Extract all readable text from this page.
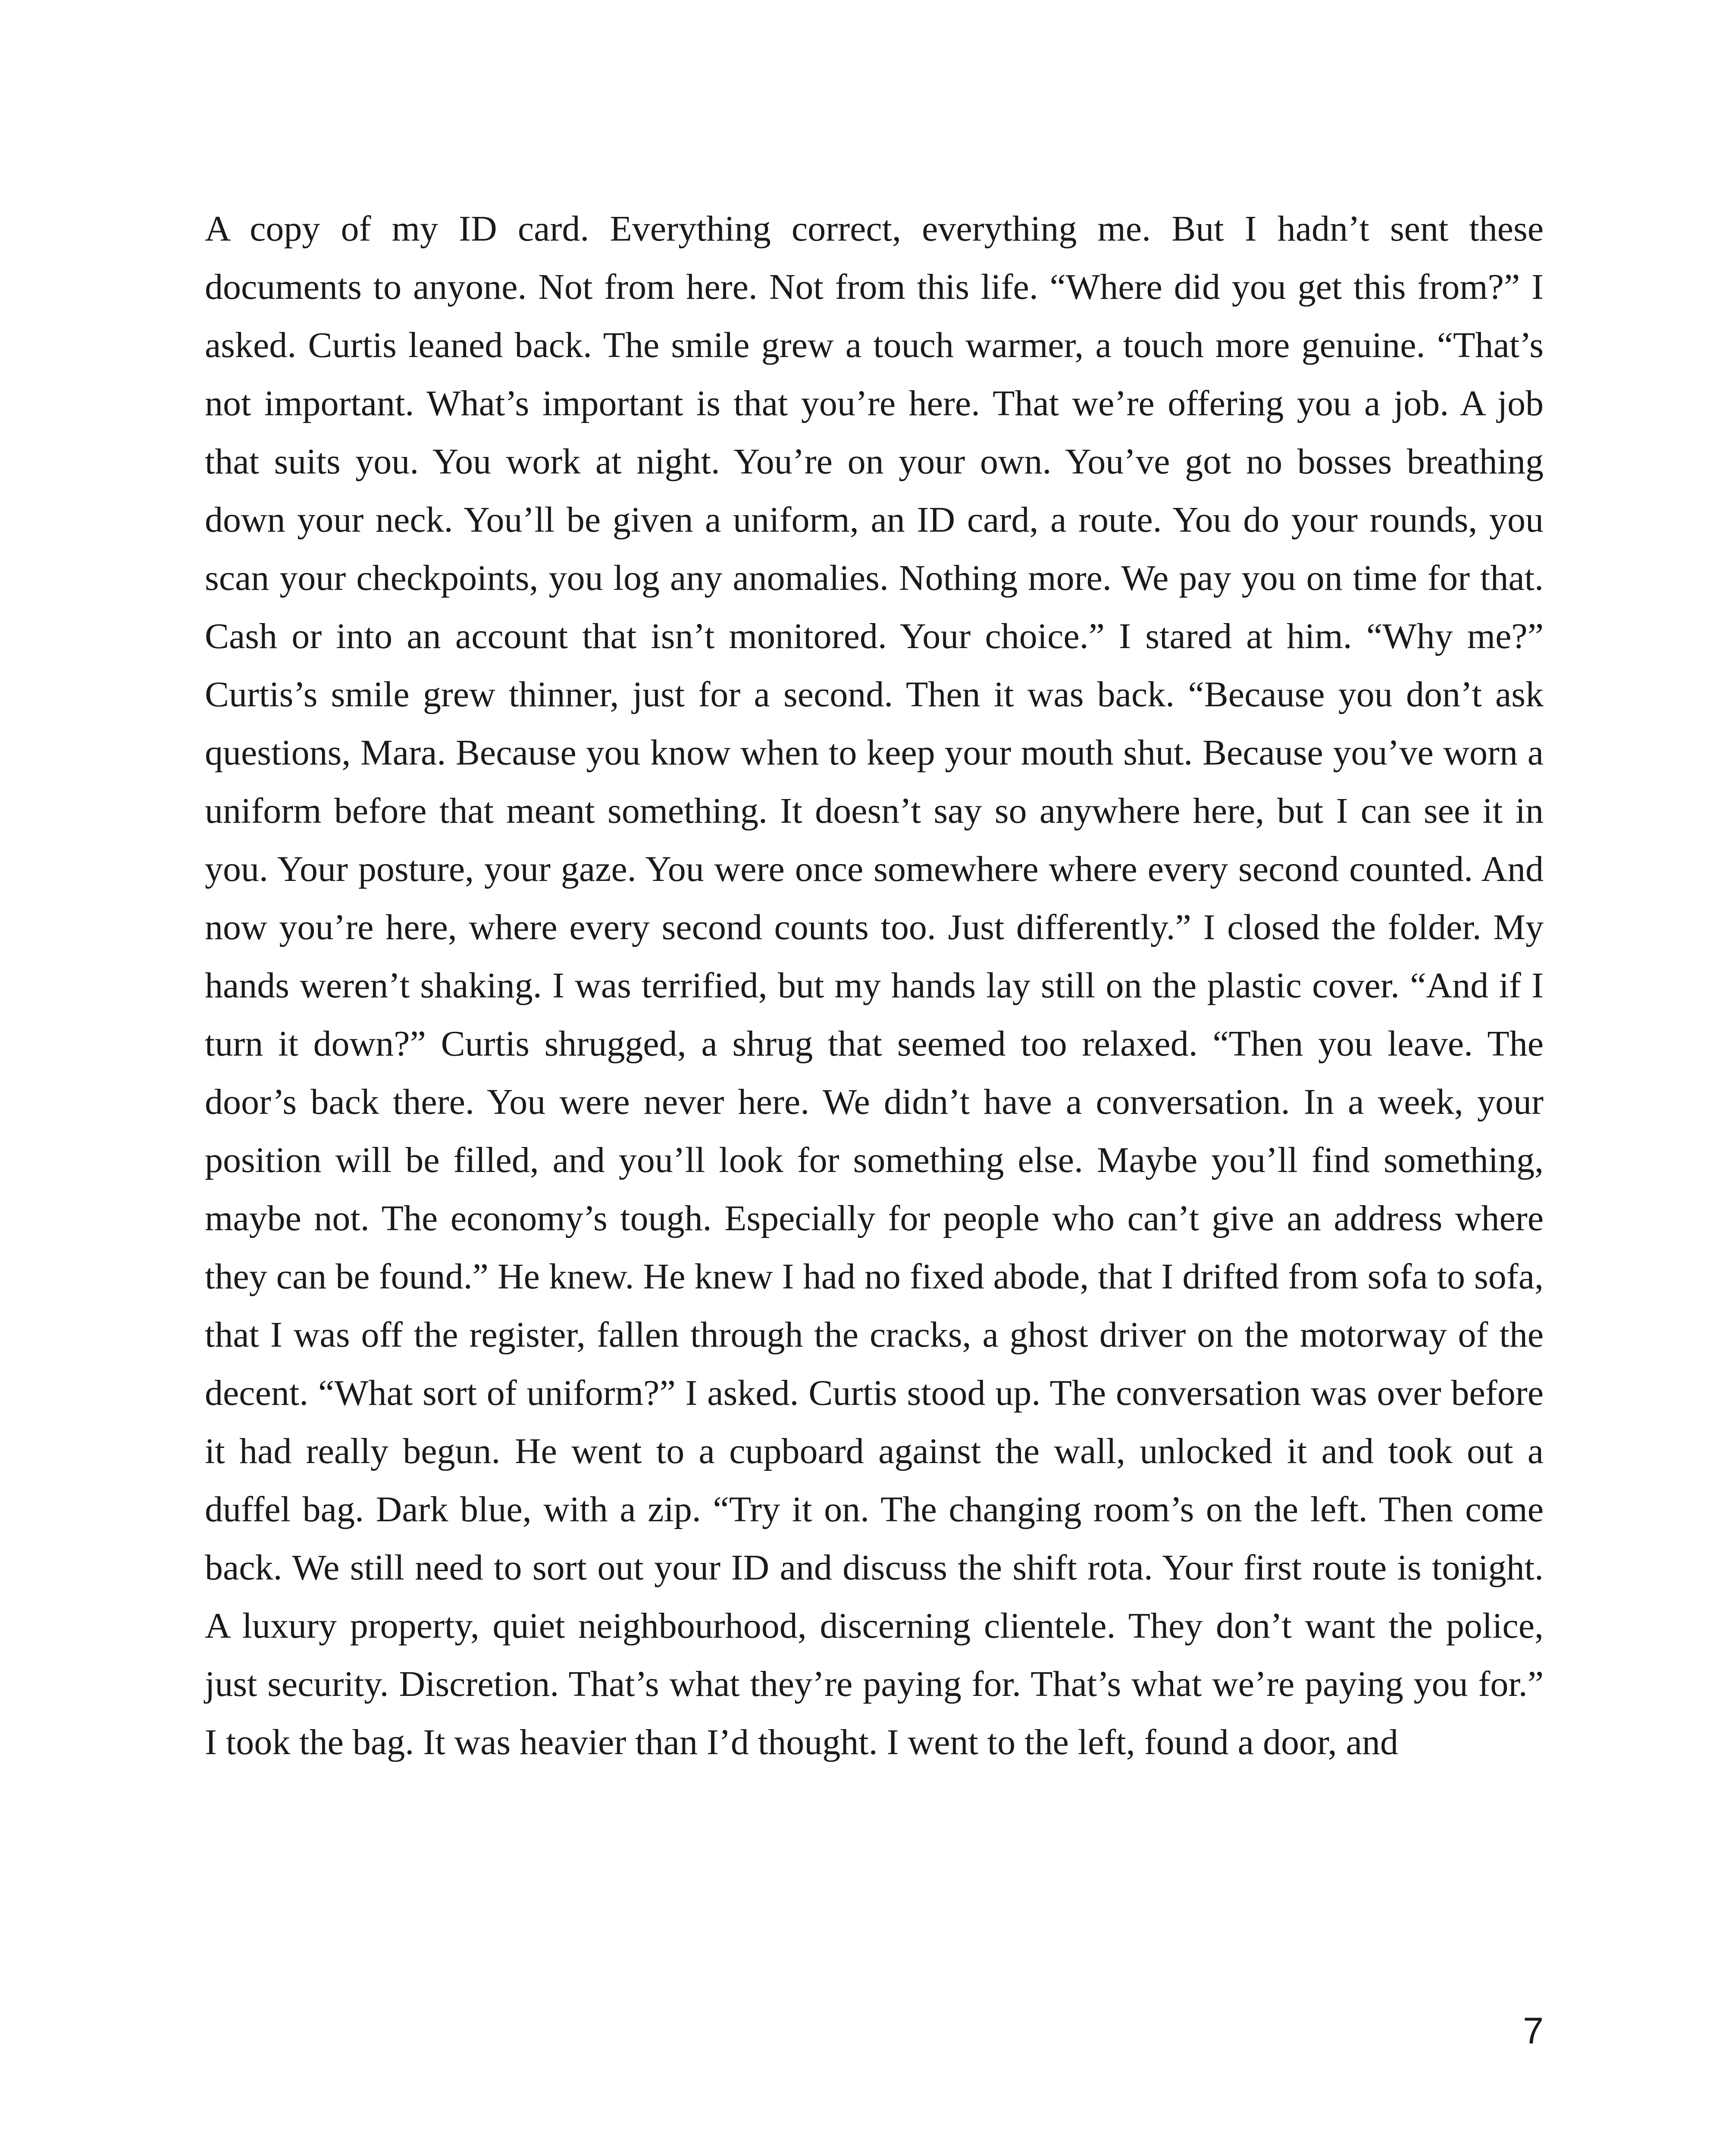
A copy of my ID card. Everything correct, everything me. But I hadn’t sent these documents to anyone. Not from here. Not from this life. “Where did you get this from?” I asked. Curtis leaned back. The smile grew a touch warmer, a touch more genuine. “That’s not important. What’s important is that you’re here. That we’re offering you a job. A job that suits you. You work at night. You’re on your own. You’ve got no bosses breathing down your neck. You’ll be given a uniform, an ID card, a route. You do your rounds, you scan your checkpoints, you log any anomalies. Nothing more. We pay you on time for that. Cash or into an account that isn’t monitored. Your choice.” I stared at him. “Why me?” Curtis’s smile grew thinner, just for a second. Then it was back. “Because you don’t ask questions, Mara. Because you know when to keep your mouth shut. Because you’ve worn a uniform before that meant something. It doesn’t say so anywhere here, but I can see it in you. Your posture, your gaze. You were once somewhere where every second counted. And now you’re here, where every second counts too. Just differently.” I closed the folder. My hands weren’t shaking. I was terrified, but my hands lay still on the plastic cover. “And if I turn it down?” Curtis shrugged, a shrug that seemed too relaxed. “Then you leave. The door’s back there. You were never here. We didn’t have a conversation. In a week, your position will be filled, and you’ll look for something else. Maybe you’ll find something, maybe not. The economy’s tough. Especially for people who can’t give an address where they can be found.” He knew. He knew I had no fixed abode, that I drifted from sofa to sofa, that I was off the register, fallen through the cracks, a ghost driver on the motorway of the decent. “What sort of uniform?” I asked. Curtis stood up. The conversation was over before it had really begun. He went to a cupboard against the wall, unlocked it and took out a duffel bag. Dark blue, with a zip. “Try it on. The changing room’s on the left. Then come back. We still need to sort out your ID and discuss the shift rota. Your first route is tonight. A luxury property, quiet neighbourhood, discerning clientele. They don’t want the police, just security. Discretion. That’s what they’re paying for. That’s what we’re paying you for.” I took the bag. It was heavier than I’d thought. I went to the left, found a door, and

7
